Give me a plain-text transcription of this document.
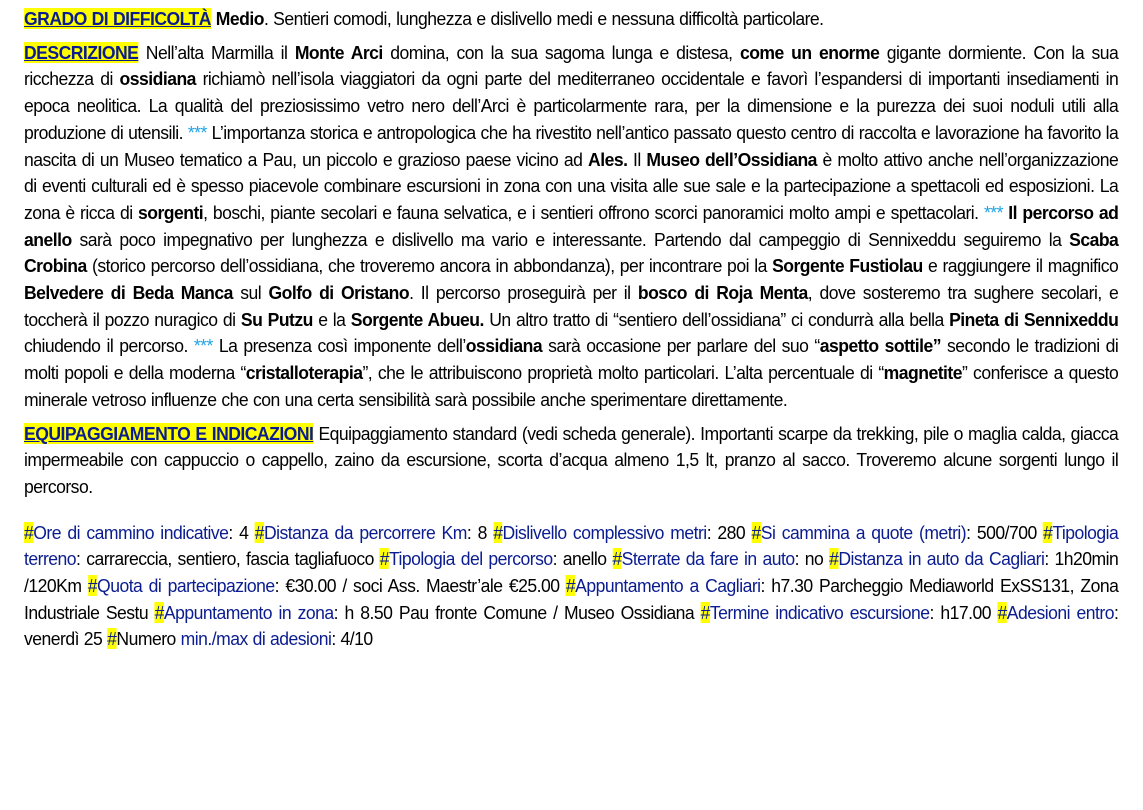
GRADO DI DIFFICOLTÀ Medio. Sentieri comodi, lunghezza e dislivello medi e nessuna difficoltà particolare.
DESCRIZIONE Nell’alta Marmilla il Monte Arci domina, con la sua sagoma lunga e distesa, come un enorme gigante dormiente. Con la sua ricchezza di ossidiana richiamò nell’isola viaggiatori da ogni parte del mediterraneo occidentale e favorì l’espandersi di importanti insediamenti in epoca neolitica. La qualità del preziosissimo vetro nero dell’Arci è particolarmente rara, per la dimensione e la purezza dei suoi noduli utili alla produzione di utensili. *** L’importanza storica e antropologica che ha rivestito nell’antico passato questo centro di raccolta e lavorazione ha favorito la nascita di un Museo tematico a Pau, un piccolo e grazioso paese vicino ad Ales. Il Museo dell’Ossidiana è molto attivo anche nell’organizzazione di eventi culturali ed è spesso piacevole combinare escursioni in zona con una visita alle sue sale e la partecipazione a spettacoli ed esposizioni. La zona è ricca di sorgenti, boschi, piante secolari e fauna selvatica, e i sentieri offrono scorci panoramici molto ampi e spettacolari. *** Il percorso ad anello sarà poco impegnativo per lunghezza e dislivello ma vario e interessante. Partendo dal campeggio di Sennixeddu seguiremo la Scaba Crobina (storico percorso dell’ossidiana, che troveremo ancora in abbondanza), per incontrare poi la Sorgente Fustiolau e raggiungere il magnifico Belvedere di Beda Manca sul Golfo di Oristano. Il percorso proseguirà per il bosco di Roja Menta, dove sosteremo tra sughere secolari, e toccherà il pozzo nuragico di Su Putzu e la Sorgente Abueu. Un altro tratto di “sentiero dell’ossidiana” ci condurrà alla bella Pineta di Sennixeddu chiudendo il percorso. *** La presenza così imponente dell’ossidiana sarà occasione per parlare del suo “aspetto sottile” secondo le tradizioni di molti popoli e della moderna “cristalloterapia”, che le attribuiscono proprietà molto particolari. L’alta percentuale di “magnetite” conferisce a questo minerale vetroso influenze che con una certa sensibilità sarà possibile anche sperimentare direttamente.
EQUIPAGGIAMENTO E INDICAZIONI Equipaggiamento standard (vedi scheda generale). Importanti scarpe da trekking, pile o maglia calda, giacca impermeabile con cappuccio o cappello, zaino da escursione, scorta d’acqua almeno 1,5 lt, pranzo al sacco. Troveremo alcune sorgenti lungo il percorso.
#Ore di cammino indicative: 4 #Distanza da percorrere Km: 8 #Dislivello complessivo metri: 280 #Si cammina a quote (metri): 500/700 #Tipologia terreno: carrareccia, sentiero, fascia tagliafuoco #Tipologia del percorso: anello #Sterrate da fare in auto: no #Distanza in auto da Cagliari: 1h20min /120Km #Quota di partecipazione: €30.00 / soci Ass. Maestr’ale €25.00 #Appuntamento a Cagliari: h7.30 Parcheggio Mediaworld ExSS131, Zona Industriale Sestu #Appuntamento in zona: h 8.50 Pau fronte Comune / Museo Ossidiana #Termine indicativo escursione: h17.00 #Adesioni entro: venerdì 25 #Numero min./max di adesioni: 4/10
